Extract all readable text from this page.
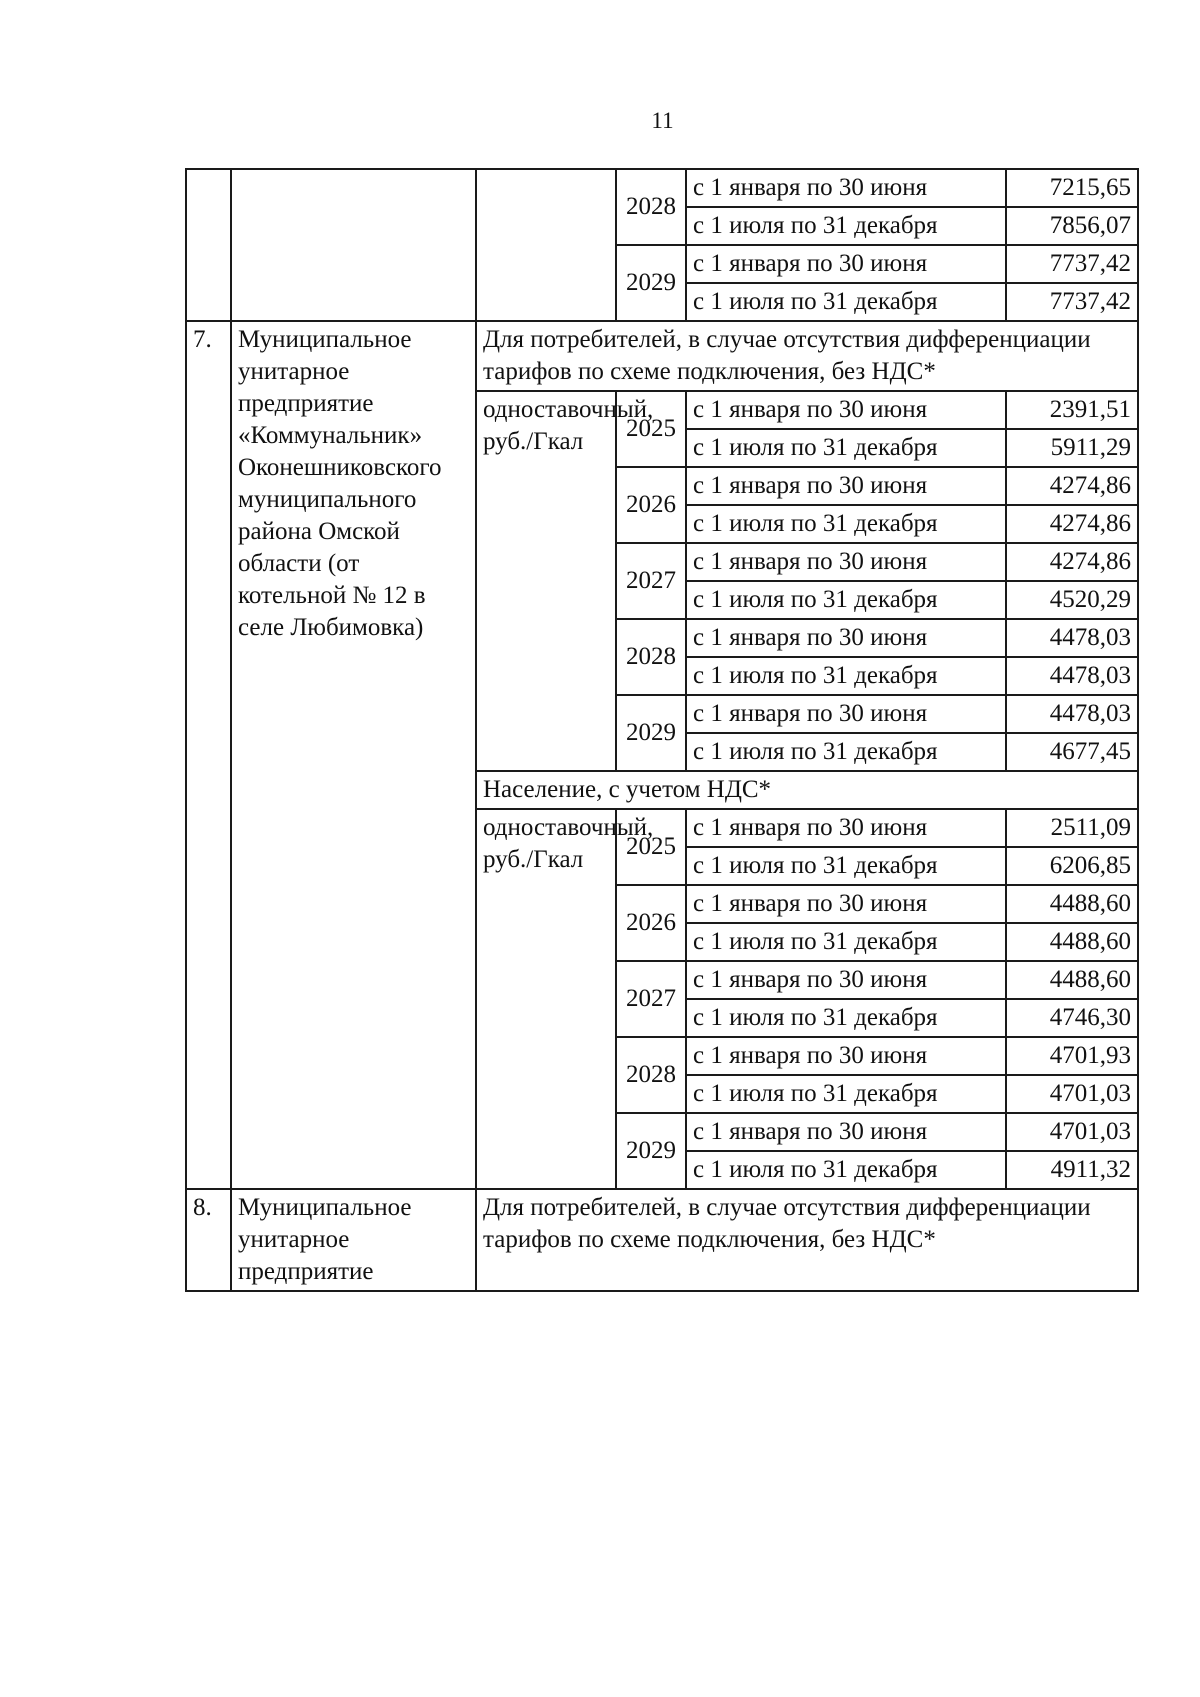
11
			2028	с 1 января по 30 июня	7215,65
				с 1 июля по 31 декабря	7856,07
			2029	с 1 января по 30 июня	7737,42
				с 1 июля по 31 декабря	7737,42
7.	Муниципальное унитарное предприятие «Коммунальник» Оконешниковского муниципального района Омской области (от котельной № 12 в селе Любимовка)	Для потребителей, в случае отсутствия дифференциации тарифов по схеме подключения, без НДС*			
		одноставочный, руб./Гкал	2025	с 1 января по 30 июня	2391,51
				с 1 июля по 31 декабря	5911,29
			2026	с 1 января по 30 июня	4274,86
				с 1 июля по 31 декабря	4274,86
			2027	с 1 января по 30 июня	4274,86
				с 1 июля по 31 декабря	4520,29
			2028	с 1 января по 30 июня	4478,03
				с 1 июля по 31 декабря	4478,03
			2029	с 1 января по 30 июня	4478,03
				с 1 июля по 31 декабря	4677,45
		Население, с учетом НДС*			
		одноставочный, руб./Гкал	2025	с 1 января по 30 июня	2511,09
				с 1 июля по 31 декабря	6206,85
			2026	с 1 января по 30 июня	4488,60
				с 1 июля по 31 декабря	4488,60
			2027	с 1 января по 30 июня	4488,60
				с 1 июля по 31 декабря	4746,30
			2028	с 1 января по 30 июня	4701,93
				с 1 июля по 31 декабря	4701,03
			2029	с 1 января по 30 июня	4701,03
				с 1 июля по 31 декабря	4911,32
8.	Муниципальное унитарное предприятие	Для потребителей, в случае отсутствия дифференциации тарифов по схеме подключения, без НДС*			
